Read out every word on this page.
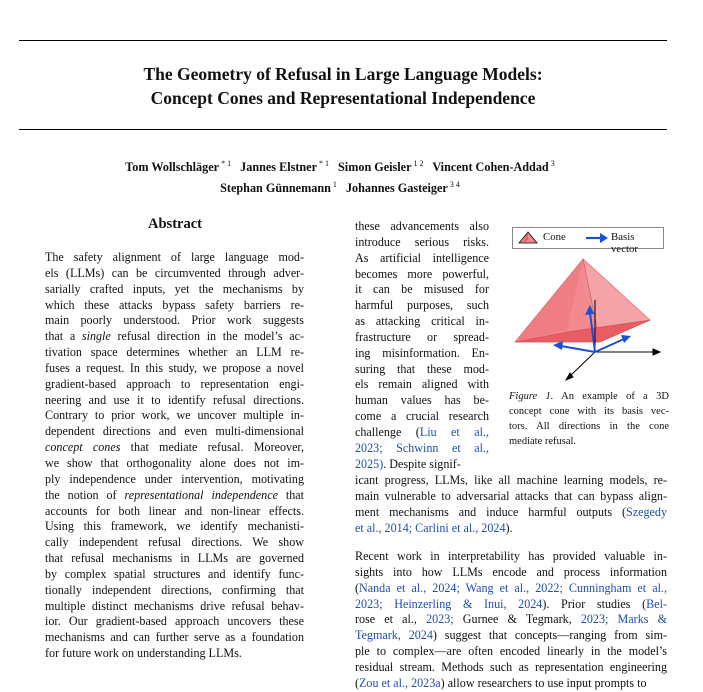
The Geometry of Refusal in Large Language Models:
Concept Cones and Representational Independence
Tom Wollschläger $^{* 1}$ Jannes Elstner $^{* 1}$ Simon Geisler $^{1 2}$ Vincent Cohen-Addad $^3$
Stephan Günnemann $^1$ Johannes Gasteiger $^{3 4}$
Abstract
The safety alignment of large language mod-
els (LLMs) can be circumvented through adver-
sarially crafted inputs, yet the mechanisms by
which these attacks bypass safety barriers re-
main poorly understood. Prior work suggests
that a single refusal direction in the model’s ac-
tivation space determines whether an LLM re-
fuses a request. In this study, we propose a novel
gradient-based approach to representation engi-
neering and use it to identify refusal directions.
Contrary to prior work, we uncover multiple in-
dependent directions and even multi-dimensional
concept cones that mediate refusal. Moreover,
we show that orthogonality alone does not im-
ply independence under intervention, motivating
the notion of representational independence that
accounts for both linear and non-linear effects.
Using this framework, we identify mechanisti-
cally independent refusal directions. We show
that refusal mechanisms in LLMs are governed
by complex spatial structures and identify func-
tionally independent directions, confirming that
multiple distinct mechanisms drive refusal behav-
ior. Our gradient-based approach uncovers these
mechanisms and can further serve as a foundation
for future work on understanding LLMs.
these advancements also
introduce serious risks.
As artificial intelligence
becomes more powerful,
it can be misused for
harmful purposes, such
as attacking critical in-
frastructure or spread-
ing misinformation. En-
suring that these mod-
els remain aligned with
human values has be-
come a crucial research
challenge (Liu et al.,
2023; Schwinn et al.,
2025). Despite signif-
icant progress, LLMs, like all machine learning models, re-
main vulnerable to adversarial attacks that can bypass align-
ment mechanisms and induce harmful outputs (Szegedy
et al., 2014; Carlini et al., 2024).
Recent work in interpretability has provided valuable in-
sights into how LLMs encode and process information
(Nanda et al., 2024; Wang et al., 2022; Cunningham et al.,
2023; Heinzerling & Inui, 2024). Prior studies (Bel-
rose et al., 2023; Gurnee & Tegmark, 2023; Marks &
Tegmark, 2024) suggest that concepts—ranging from sim-
ple to complex—are often encoded linearly in the model’s
residual stream. Methods such as representation engineering
(Zou et al., 2023a) allow researchers to use input prompts to
Cone	Basis vector
Figure 1. An example of a 3D
concept cone with its basis vec-
tors. All directions in the cone
mediate refusal.
